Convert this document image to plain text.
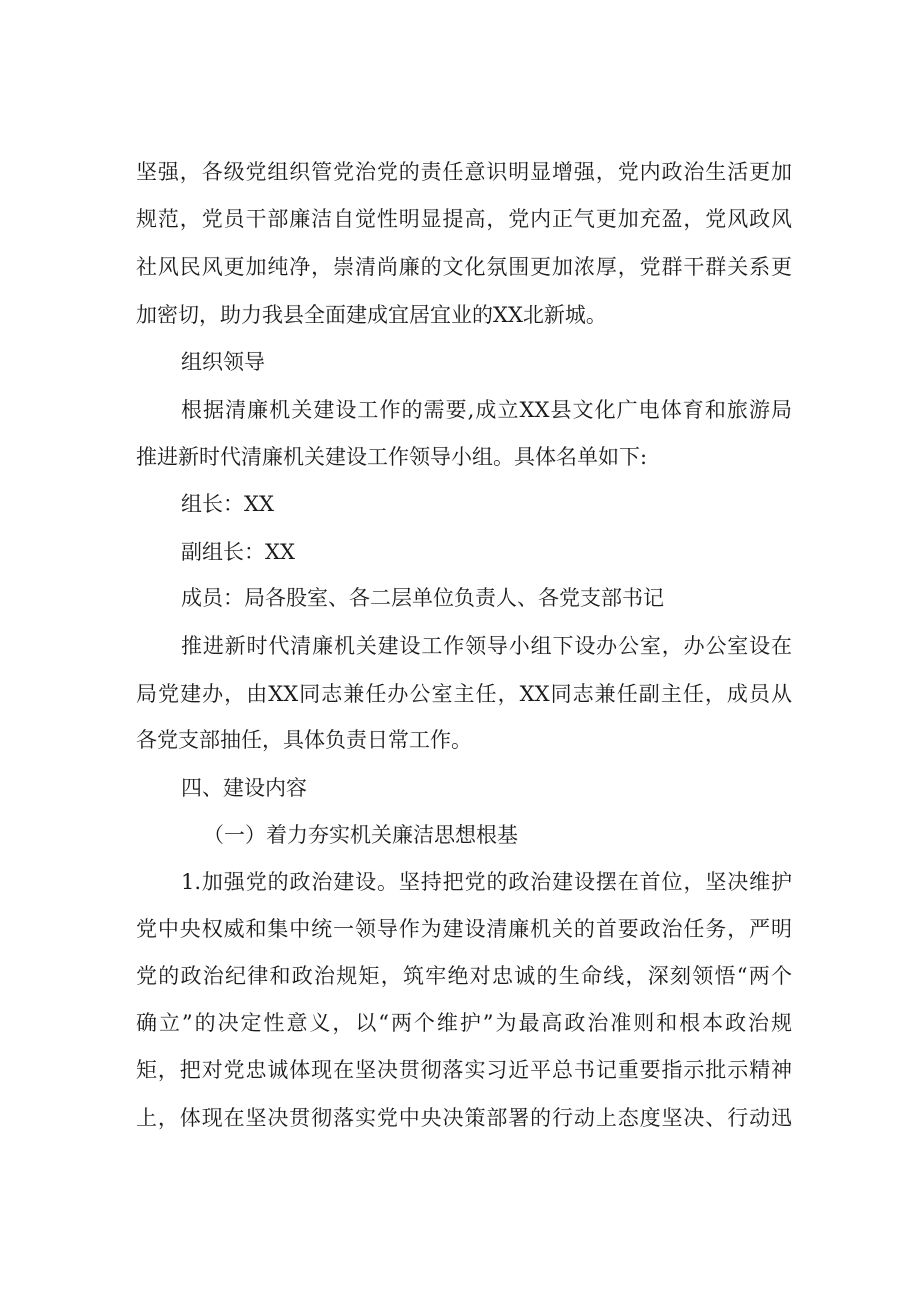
坚强，各级党组织管党治党的责任意识明显增强，党内政治生活更加
规范，党员干部廉洁自觉性明显提高，党内正气更加充盈，党风政风
社风民风更加纯净，崇清尚廉的文化氛围更加浓厚，党群干群关系更
加密切，助力我县全面建成宜居宜业的XX北新城。
组织领导
根据清廉机关建设工作的需要,成立XX县文化广电体育和旅游局
推进新时代清廉机关建设工作领导小组。具体名单如下:
组长：XX
副组长：XX
成员：局各股室、各二层单位负责人、各党支部书记
推进新时代清廉机关建设工作领导小组下设办公室，办公室设在
局党建办，由XX同志兼任办公室主任，XX同志兼任副主任，成员从
各党支部抽任，具体负责日常工作。
四、建设内容
（一）着力夯实机关廉洁思想根基
1.加强党的政治建设。坚持把党的政治建设摆在首位，坚决维护
党中央权威和集中统一领导作为建设清廉机关的首要政治任务，严明
党的政治纪律和政治规矩，筑牢绝对忠诚的生命线，深刻领悟“两个
确立”的决定性意义，以“两个维护”为最高政治准则和根本政治规
矩，把对党忠诚体现在坚决贯彻落实习近平总书记重要指示批示精神
上，体现在坚决贯彻落实党中央决策部署的行动上态度坚决、行动迅
